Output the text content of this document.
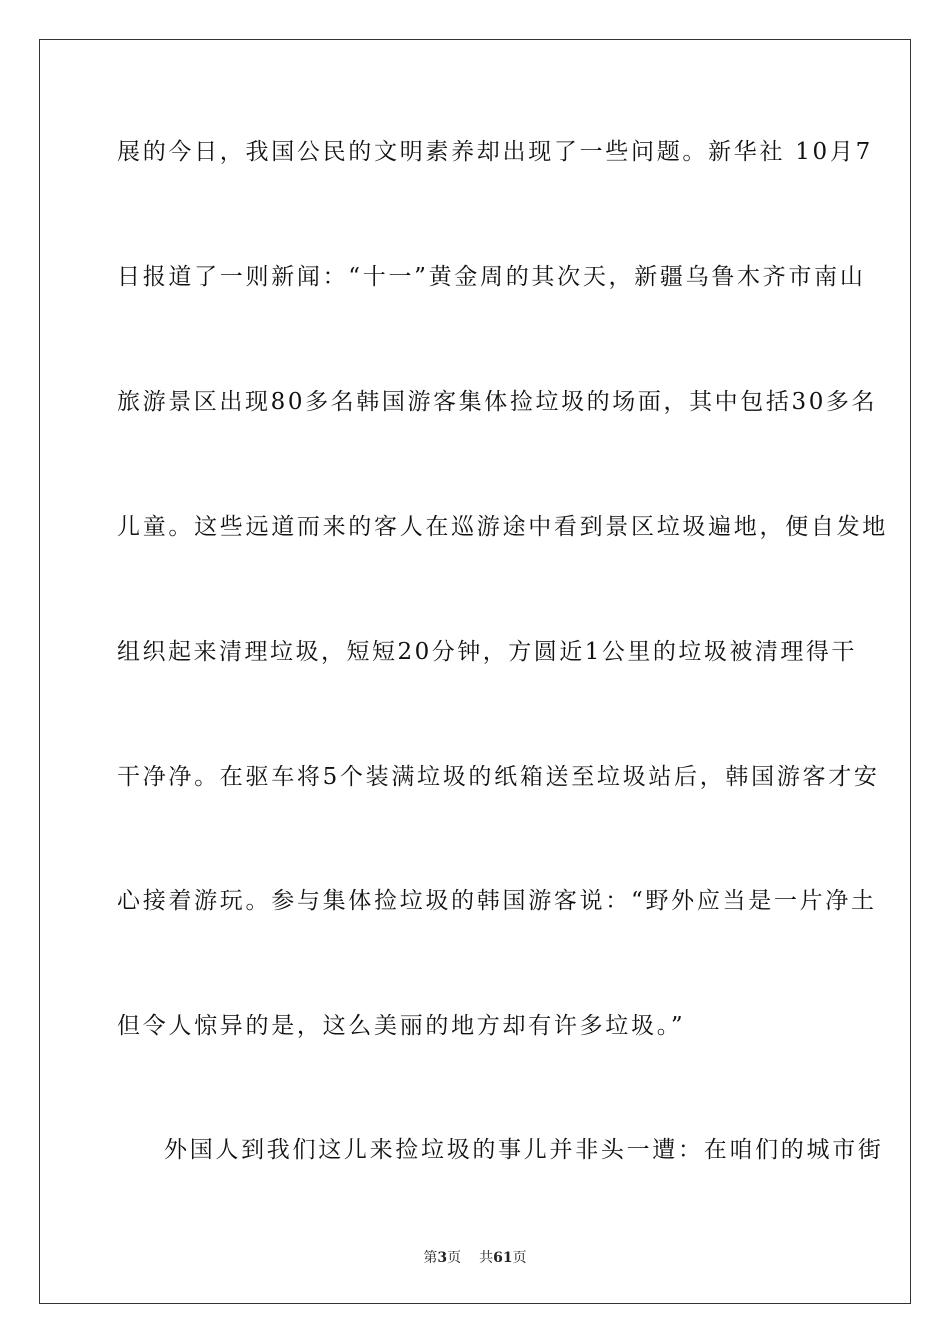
展的今日，我国公民的文明素养却出现了一些问题。新华社 10月7
日报道了一则新闻：“十一”黄金周的其次天，新疆乌鲁木齐市南山
旅游景区出现80多名韩国游客集体捡垃圾的场面，其中包括30多名
儿童。这些远道而来的客人在巡游途中看到景区垃圾遍地，便自发地
组织起来清理垃圾，短短20分钟，方圆近1公里的垃圾被清理得干
干净净。在驱车将5个装满垃圾的纸箱送至垃圾站后，韩国游客才安
心接着游玩。参与集体捡垃圾的韩国游客说：“野外应当是一片净土
但令人惊异的是，这么美丽的地方却有许多垃圾。”
外国人到我们这儿来捡垃圾的事儿并非头一遭：在咱们的城市街
第3页 共61页
